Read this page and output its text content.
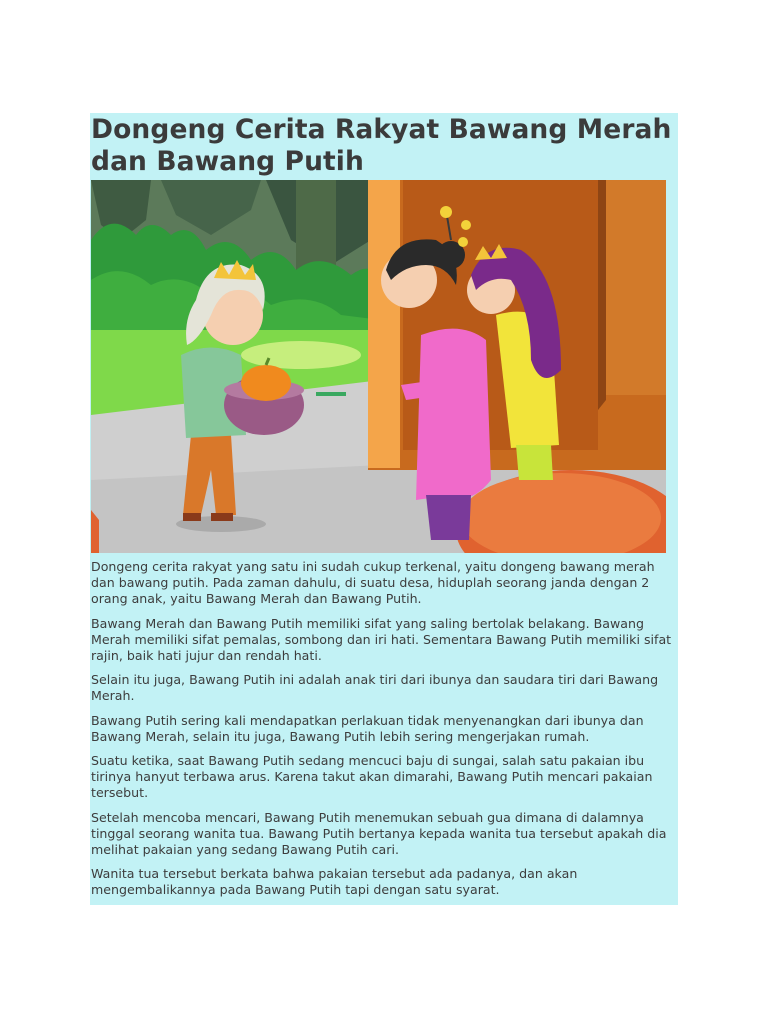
Dongeng Cerita Rakyat Bawang Merah dan Bawang Putih

Dongeng cerita rakyat yang satu ini sudah cukup terkenal, yaitu dongeng bawang merah dan bawang putih. Pada zaman dahulu, di suatu desa, hiduplah seorang janda dengan 2 orang anak, yaitu Bawang Merah dan Bawang Putih.

Bawang Merah dan Bawang Putih memiliki sifat yang saling bertolak belakang. Bawang Merah memiliki sifat pemalas, sombong dan iri hati. Sementara Bawang Putih memiliki sifat rajin, baik hati jujur dan rendah hati.

Selain itu juga, Bawang Putih ini adalah anak tiri dari ibunya dan saudara tiri dari Bawang Merah.

Bawang Putih sering kali mendapatkan perlakuan tidak menyenangkan dari ibunya dan Bawang Merah, selain itu juga, Bawang Putih lebih sering mengerjakan rumah.

Suatu ketika, saat Bawang Putih sedang mencuci baju di sungai, salah satu pakaian ibu tirinya hanyut terbawa arus. Karena takut akan dimarahi, Bawang Putih mencari pakaian tersebut.

Setelah mencoba mencari, Bawang Putih menemukan sebuah gua dimana di dalamnya tinggal seorang wanita tua. Bawang Putih bertanya kepada wanita tua tersebut apakah dia melihat pakaian yang sedang Bawang Putih cari.

Wanita tua tersebut berkata bahwa pakaian tersebut ada padanya, dan akan mengembalikannya pada Bawang Putih tapi dengan satu syarat.
